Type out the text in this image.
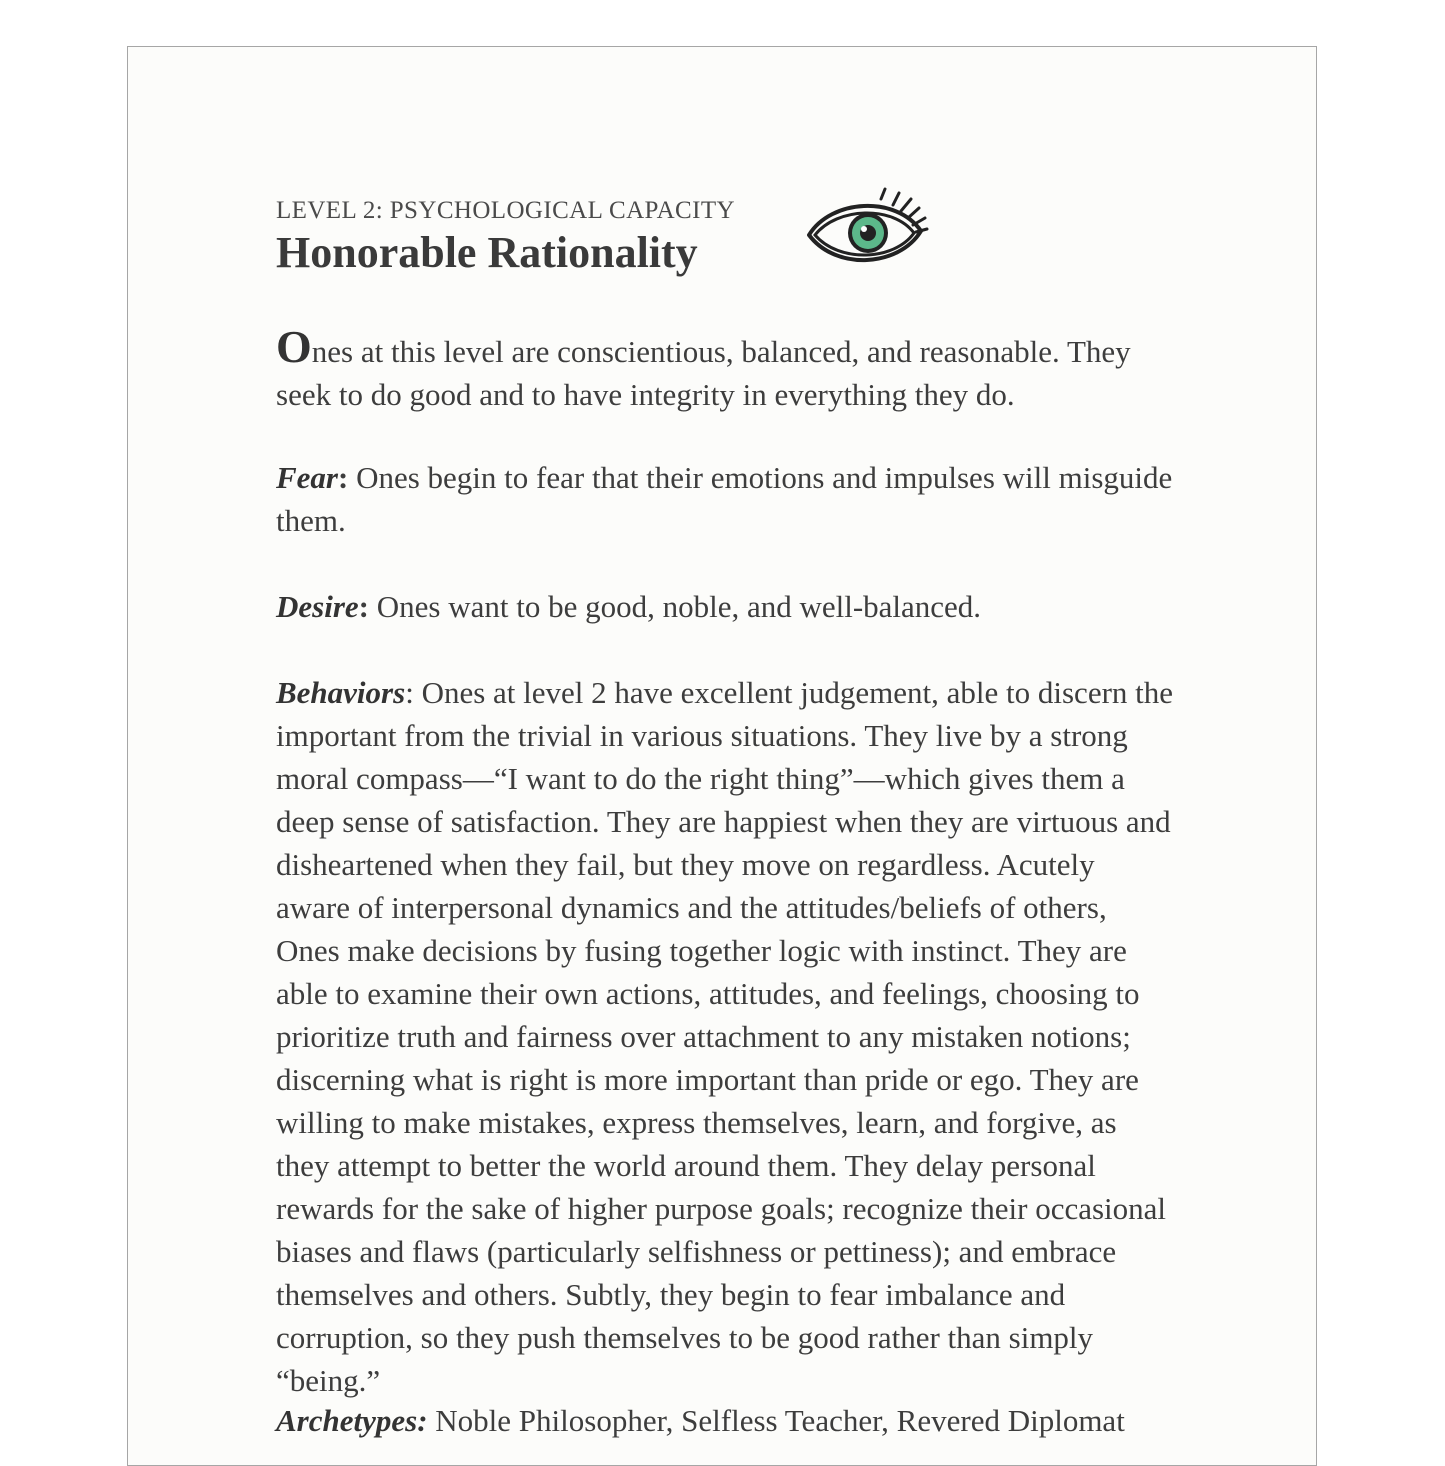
LEVEL 2: PSYCHOLOGICAL CAPACITY
Honorable Rationality

Ones at this level are conscientious, balanced, and reasonable. They seek to do good and to have integrity in everything they do.

Fear: Ones begin to fear that their emotions and impulses will misguide them.

Desire: Ones want to be good, noble, and well-balanced.

Behaviors: Ones at level 2 have excellent judgement, able to discern the important from the trivial in various situations. They live by a strong moral compass—“I want to do the right thing”—which gives them a deep sense of satisfaction. They are happiest when they are virtuous and disheartened when they fail, but they move on regardless. Acutely aware of interpersonal dynamics and the attitudes/beliefs of others, Ones make decisions by fusing together logic with instinct. They are able to examine their own actions, attitudes, and feelings, choosing to prioritize truth and fairness over attachment to any mistaken notions; discerning what is right is more important than pride or ego. They are willing to make mistakes, express themselves, learn, and forgive, as they attempt to better the world around them. They delay personal rewards for the sake of higher purpose goals; recognize their occasional biases and flaws (particularly selfishness or pettiness); and embrace themselves and others. Subtly, they begin to fear imbalance and corruption, so they push themselves to be good rather than simply “being.”

Archetypes: Noble Philosopher, Selfless Teacher, Revered Diplomat
